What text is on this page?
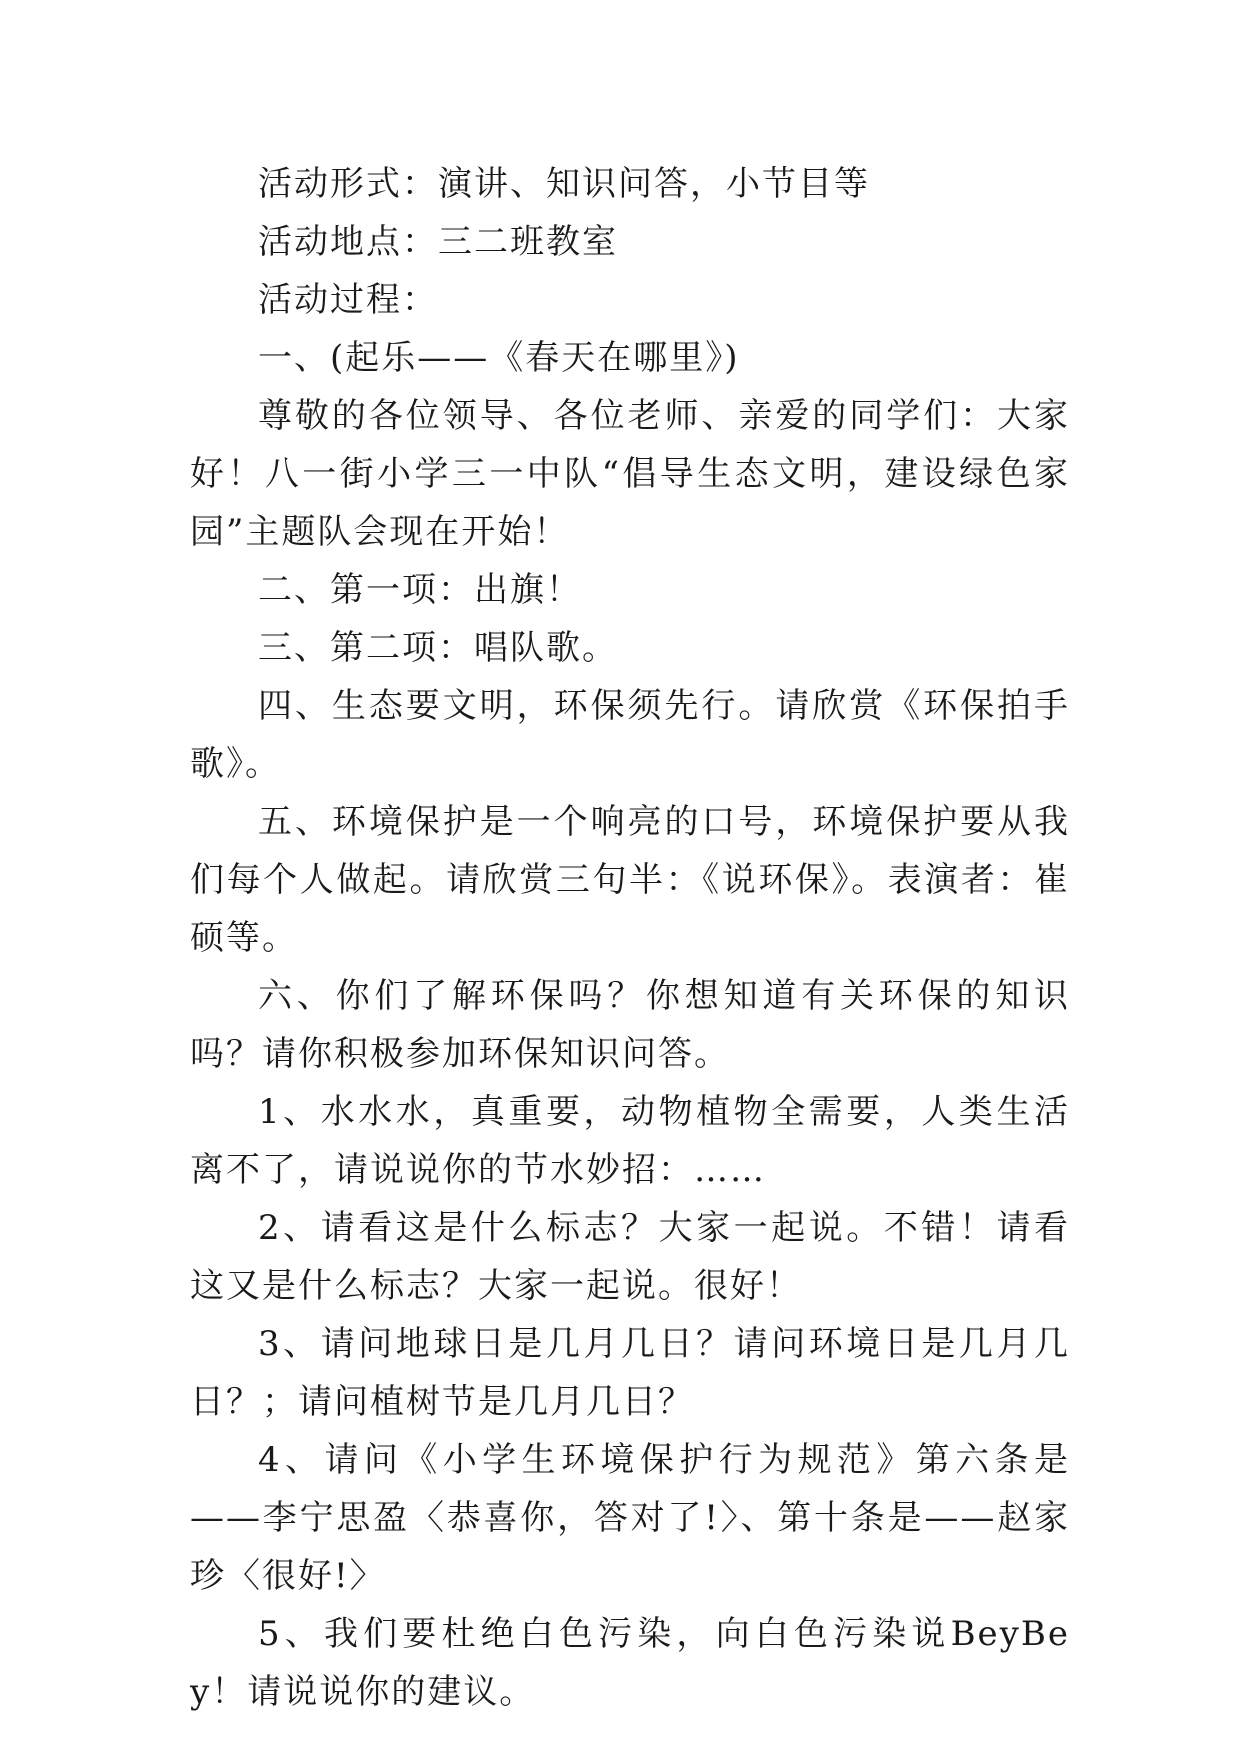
活动形式：演讲、知识问答，小节目等

活动地点：三二班教室

活动过程：

一、(起乐——《春天在哪里》)

尊敬的各位领导、各位老师、亲爱的同学们：大家好！八一街小学三一中队“倡导生态文明，建设绿色家园”主题队会现在开始！

二、第一项：出旗！

三、第二项：唱队歌。

四、生态要文明，环保须先行。请欣赏《环保拍手歌》。

五、环境保护是一个响亮的口号，环境保护要从我们每个人做起。请欣赏三句半：《说环保》。表演者：崔硕等。

六、你们了解环保吗？你想知道有关环保的知识吗？请你积极参加环保知识问答。

1、水水水，真重要，动物植物全需要，人类生活离不了，请说说你的节水妙招：……

2、请看这是什么标志？大家一起说。不错！请看这又是什么标志？大家一起说。很好！

3、请问地球日是几月几日？请问环境日是几月几日？；请问植树节是几月几日？

4、请问《小学生环境保护行为规范》第六条是——李宁思盈〈恭喜你，答对了!〉、第十条是——赵家珍〈很好!〉

5、我们要杜绝白色污染，向白色污染说BeyBey！请说说你的建议。
